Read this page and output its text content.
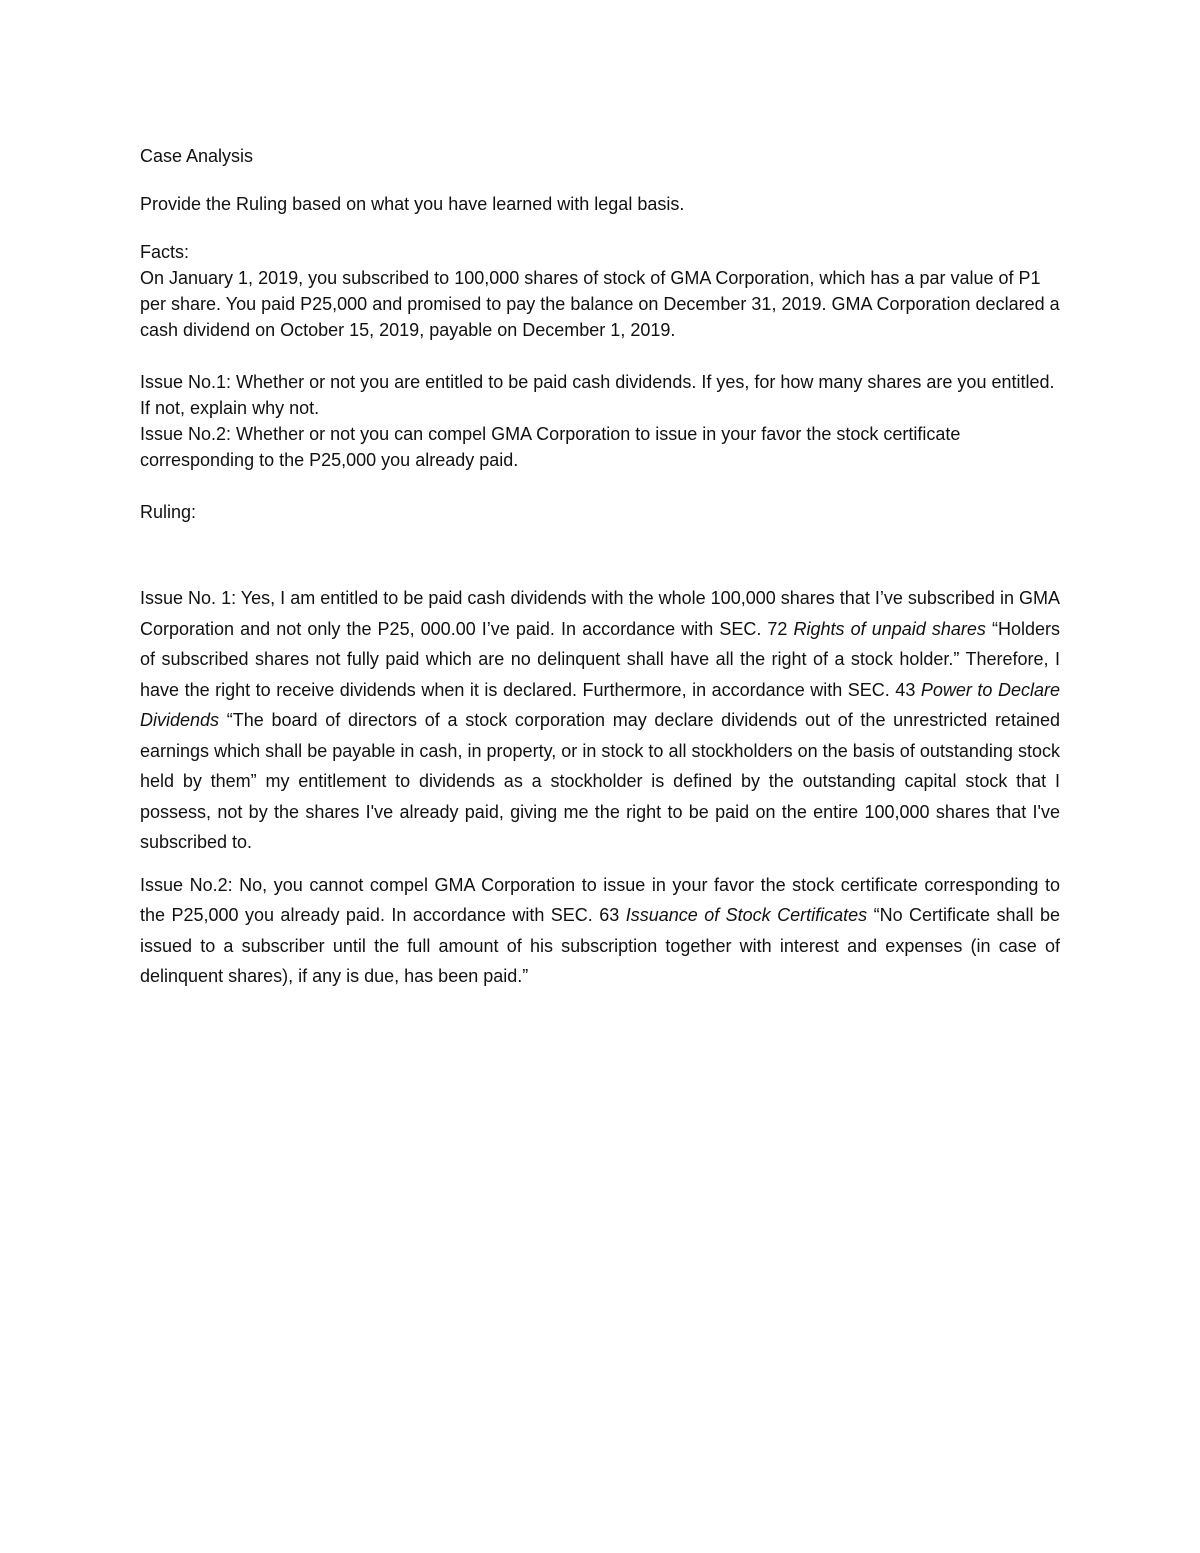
Case Analysis

Provide the Ruling based on what you have learned with legal basis.

Facts:

On January 1, 2019, you subscribed to 100,000 shares of stock of GMA Corporation, which has a par value of P1 per share. You paid P25,000 and promised to pay the balance on December 31, 2019. GMA Corporation declared a cash dividend on October 15, 2019, payable on December 1, 2019.

Issue No.1: Whether or not you are entitled to be paid cash dividends. If yes, for how many shares are you entitled. If not, explain why not.

Issue No.2: Whether or not you can compel GMA Corporation to issue in your favor the stock certificate corresponding to the P25,000 you already paid.

Ruling:

Issue No. 1: Yes, I am entitled to be paid cash dividends with the whole 100,000 shares that I’ve subscribed in GMA Corporation and not only the P25, 000.00 I’ve paid. In accordance with SEC. 72 Rights of unpaid shares “Holders of subscribed shares not fully paid which are no delinquent shall have all the right of a stock holder.” Therefore, I have the right to receive dividends when it is declared. Furthermore, in accordance with SEC. 43 Power to Declare Dividends “The board of directors of a stock corporation may declare dividends out of the unrestricted retained earnings which shall be payable in cash, in property, or in stock to all stockholders on the basis of outstanding stock held by them” my entitlement to dividends as a stockholder is defined by the outstanding capital stock that I possess, not by the shares I've already paid, giving me the right to be paid on the entire 100,000 shares that I've subscribed to.

Issue No.2: No, you cannot compel GMA Corporation to issue in your favor the stock certificate corresponding to the P25,000 you already paid. In accordance with SEC. 63 Issuance of Stock Certificates “No Certificate shall be issued to a subscriber until the full amount of his subscription together with interest and expenses (in case of delinquent shares), if any is due, has been paid.”
